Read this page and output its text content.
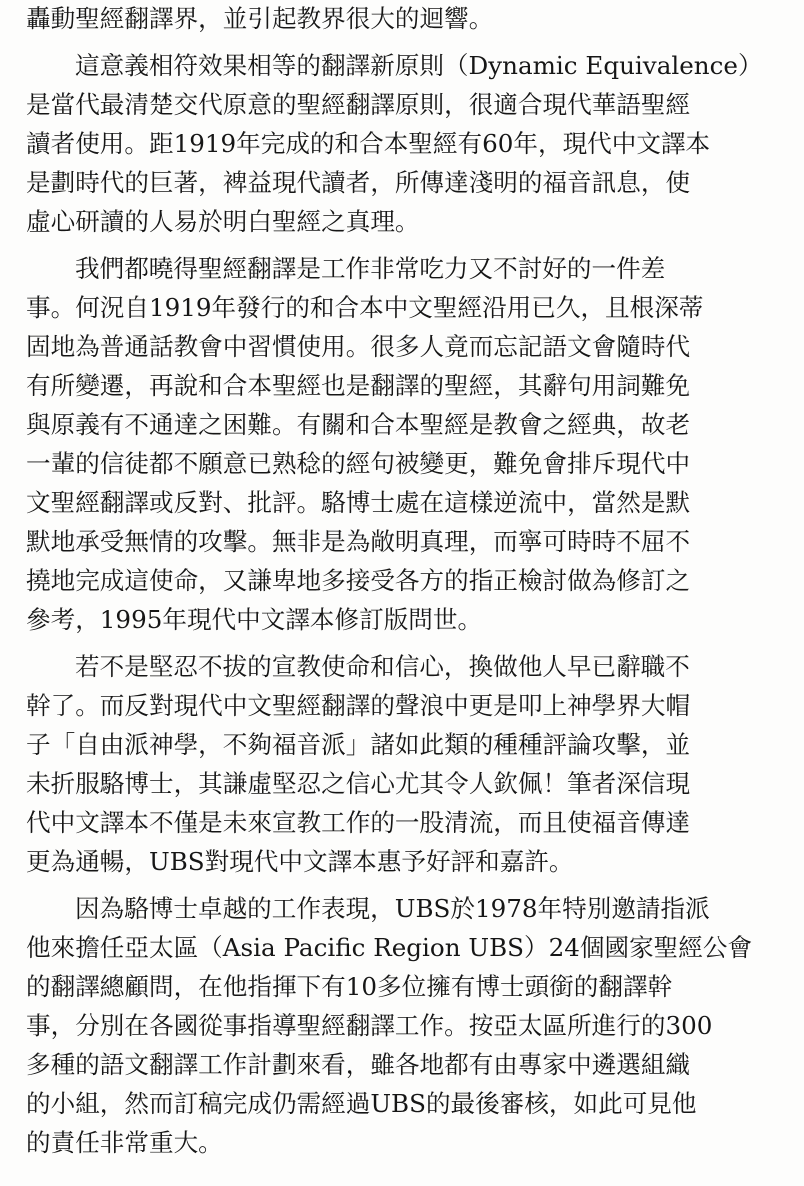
轟動聖經翻譯界，並引起教界很大的迴響。
這意義相符效果相等的翻譯新原則（Dynamic Equivalence）
是當代最清楚交代原意的聖經翻譯原則，很適合現代華語聖經
讀者使用。距1919年完成的和合本聖經有60年，現代中文譯本
是劃時代的巨著，裨益現代讀者，所傳達淺明的福音訊息，使
虛心研讀的人易於明白聖經之真理。
我們都曉得聖經翻譯是工作非常吃力又不討好的一件差
事。何況自1919年發行的和合本中文聖經沿用已久，且根深蒂
固地為普通話教會中習慣使用。很多人竟而忘記語文會隨時代
有所變遷，再說和合本聖經也是翻譯的聖經，其辭句用詞難免
與原義有不通達之困難。有關和合本聖經是教會之經典，故老
一輩的信徒都不願意已熟稔的經句被變更，難免會排斥現代中
文聖經翻譯或反對、批評。駱博士處在這樣逆流中，當然是默
默地承受無情的攻擊。無非是為敞明真理，而寧可時時不屈不
撓地完成這使命，又謙卑地多接受各方的指正檢討做為修訂之
參考，1995年現代中文譯本修訂版問世。
若不是堅忍不拔的宣教使命和信心，換做他人早已辭職不
幹了。而反對現代中文聖經翻譯的聲浪中更是叩上神學界大帽
子「自由派神學，不夠福音派」諸如此類的種種評論攻擊，並
未折服駱博士，其謙虛堅忍之信心尤其令人欽佩！筆者深信現
代中文譯本不僅是未來宣教工作的一股清流，而且使福音傳達
更為通暢，UBS對現代中文譯本惠予好評和嘉許。
因為駱博士卓越的工作表現，UBS於1978年特別邀請指派
他來擔任亞太區（Asia Pacific Region UBS）24個國家聖經公會
的翻譯總顧問，在他指揮下有10多位擁有博士頭銜的翻譯幹
事，分別在各國從事指導聖經翻譯工作。按亞太區所進行的300
多種的語文翻譯工作計劃來看，雖各地都有由專家中遴選組織
的小組，然而訂稿完成仍需經過UBS的最後審核，如此可見他
的責任非常重大。
